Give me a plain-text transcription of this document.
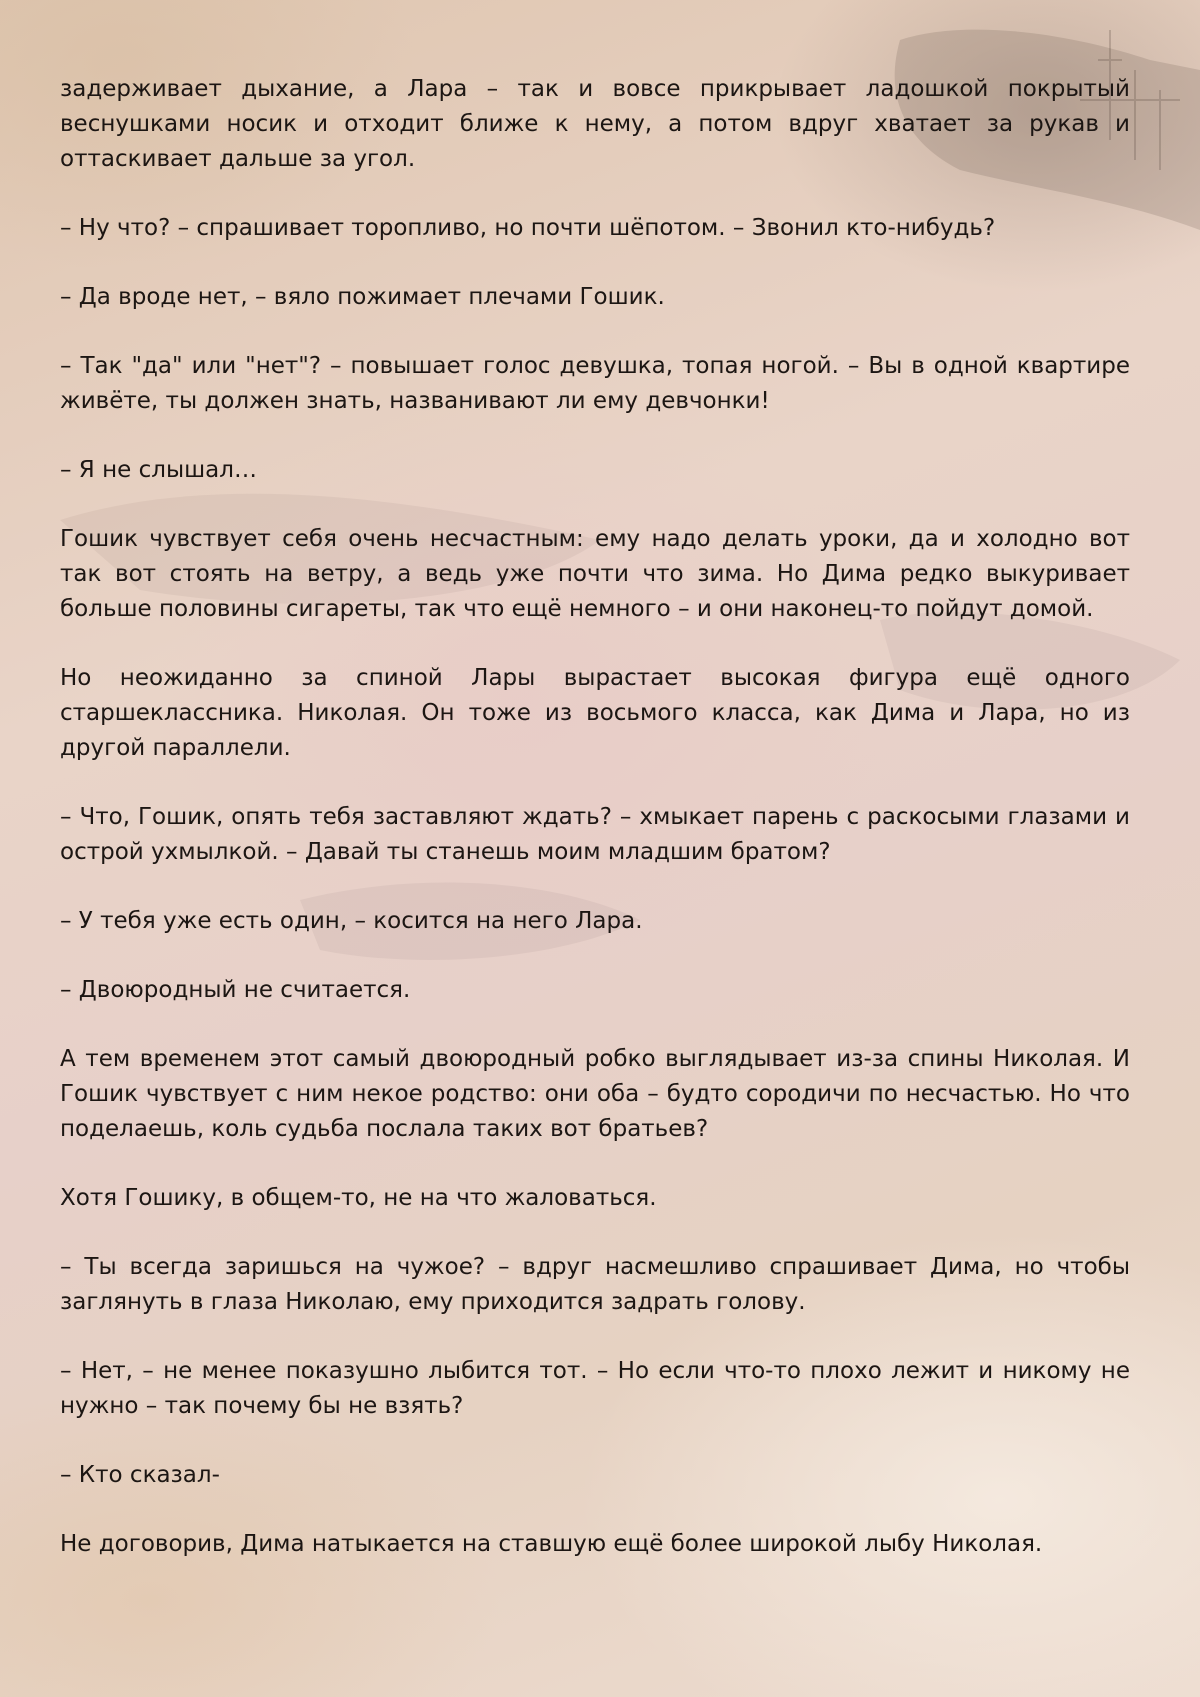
задерживает дыхание, а Лара – так и вовсе прикрывает ладошкой покрытый веснушками носик и отходит ближе к нему, а потом вдруг хватает за рукав и оттаскивает дальше за угол.

– Ну что? – спрашивает торопливо, но почти шёпотом. – Звонил кто-нибудь?

– Да вроде нет, – вяло пожимает плечами Гошик.

– Так "да" или "нет"? – повышает голос девушка, топая ногой. – Вы в одной квартире живёте, ты должен знать, названивают ли ему девчонки!

– Я не слышал…

Гошик чувствует себя очень несчастным: ему надо делать уроки, да и холодно вот так вот стоять на ветру, а ведь уже почти что зима. Но Дима редко выкуривает больше половины сигареты, так что ещё немного – и они наконец-то пойдут домой.

Но неожиданно за спиной Лары вырастает высокая фигура ещё одного старшеклассника. Николая. Он тоже из восьмого класса, как Дима и Лара, но из другой параллели.

– Что, Гошик, опять тебя заставляют ждать? – хмыкает парень с раскосыми глазами и острой ухмылкой. – Давай ты станешь моим младшим братом?

– У тебя уже есть один, – косится на него Лара.

– Двоюродный не считается.

А тем временем этот самый двоюродный робко выглядывает из-за спины Николая. И Гошик чувствует с ним некое родство: они оба – будто сородичи по несчастью. Но что поделаешь, коль судьба послала таких вот братьев?

Хотя Гошику, в общем-то, не на что жаловаться.

– Ты всегда заришься на чужое? – вдруг насмешливо спрашивает Дима, но чтобы заглянуть в глаза Николаю, ему приходится задрать голову.

– Нет, – не менее показушно лыбится тот. – Но если что-то плохо лежит и никому не нужно – так почему бы не взять?

– Кто сказал-

Не договорив, Дима натыкается на ставшую ещё более широкой лыбу Николая.
